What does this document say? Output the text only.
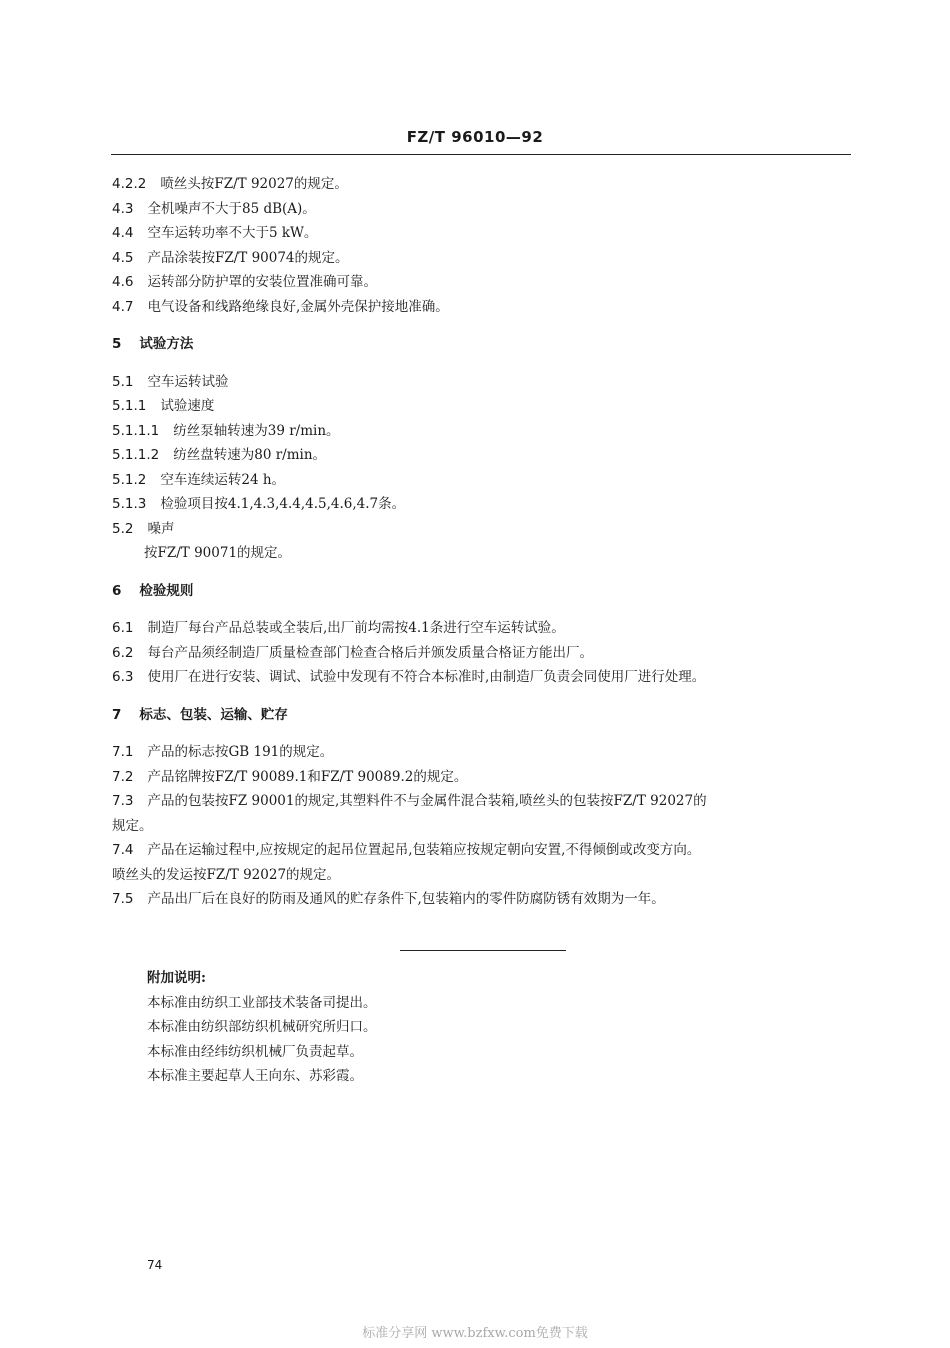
FZ/T 96010—92
4.2.2 喷丝头按FZ/T 92027的规定。
4.3 全机噪声不大于85 dB(A)。
4.4 空车运转功率不大于5 kW。
4.5 产品涂装按FZ/T 90074的规定。
4.6 运转部分防护罩的安装位置准确可靠。
4.7 电气设备和线路绝缘良好,金属外壳保护接地准确。
5 试验方法
5.1 空车运转试验
5.1.1 试验速度
5.1.1.1 纺丝泵轴转速为39 r/min。
5.1.1.2 纺丝盘转速为80 r/min。
5.1.2 空车连续运转24 h。
5.1.3 检验项目按4.1,4.3,4.4,4.5,4.6,4.7条。
5.2 噪声
按FZ/T 90071的规定。
6 检验规则
6.1 制造厂每台产品总装或全装后,出厂前均需按4.1条进行空车运转试验。
6.2 每台产品须经制造厂质量检查部门检查合格后并颁发质量合格证方能出厂。
6.3 使用厂在进行安装、调试、试验中发现有不符合本标准时,由制造厂负责会同使用厂进行处理。
7 标志、包装、运输、贮存
7.1 产品的标志按GB 191的规定。
7.2 产品铭牌按FZ/T 90089.1和FZ/T 90089.2的规定。
7.3 产品的包装按FZ 90001的规定,其塑料件不与金属件混合装箱,喷丝头的包装按FZ/T 92027的
规定。
7.4 产品在运输过程中,应按规定的起吊位置起吊,包装箱应按规定朝向安置,不得倾倒或改变方向。
喷丝头的发运按FZ/T 92027的规定。
7.5 产品出厂后在良好的防雨及通风的贮存条件下,包装箱内的零件防腐防锈有效期为一年。
附加说明:
本标准由纺织工业部技术装备司提出。
本标准由纺织部纺织机械研究所归口。
本标准由经纬纺织机械厂负责起草。
本标准主要起草人王向东、苏彩霞。
74
标准分享网 www.bzfxw.com免费下载
